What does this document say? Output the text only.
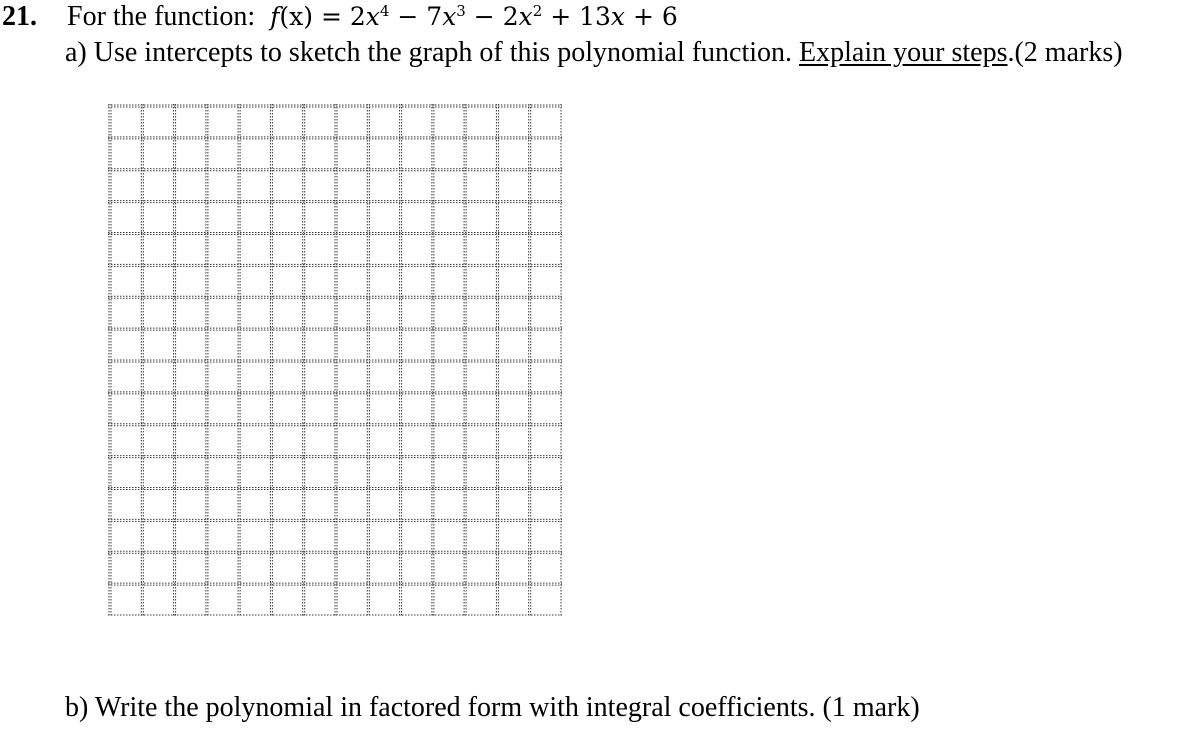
21. For the function: $f(x) = 2x^4 - 7x^3 - 2x^2 + 13x + 6$
a) Use intercepts to sketch the graph of this polynomial function. Explain your steps.(2 marks)
b) Write the polynomial in factored form with integral coefficients. (1 mark)
